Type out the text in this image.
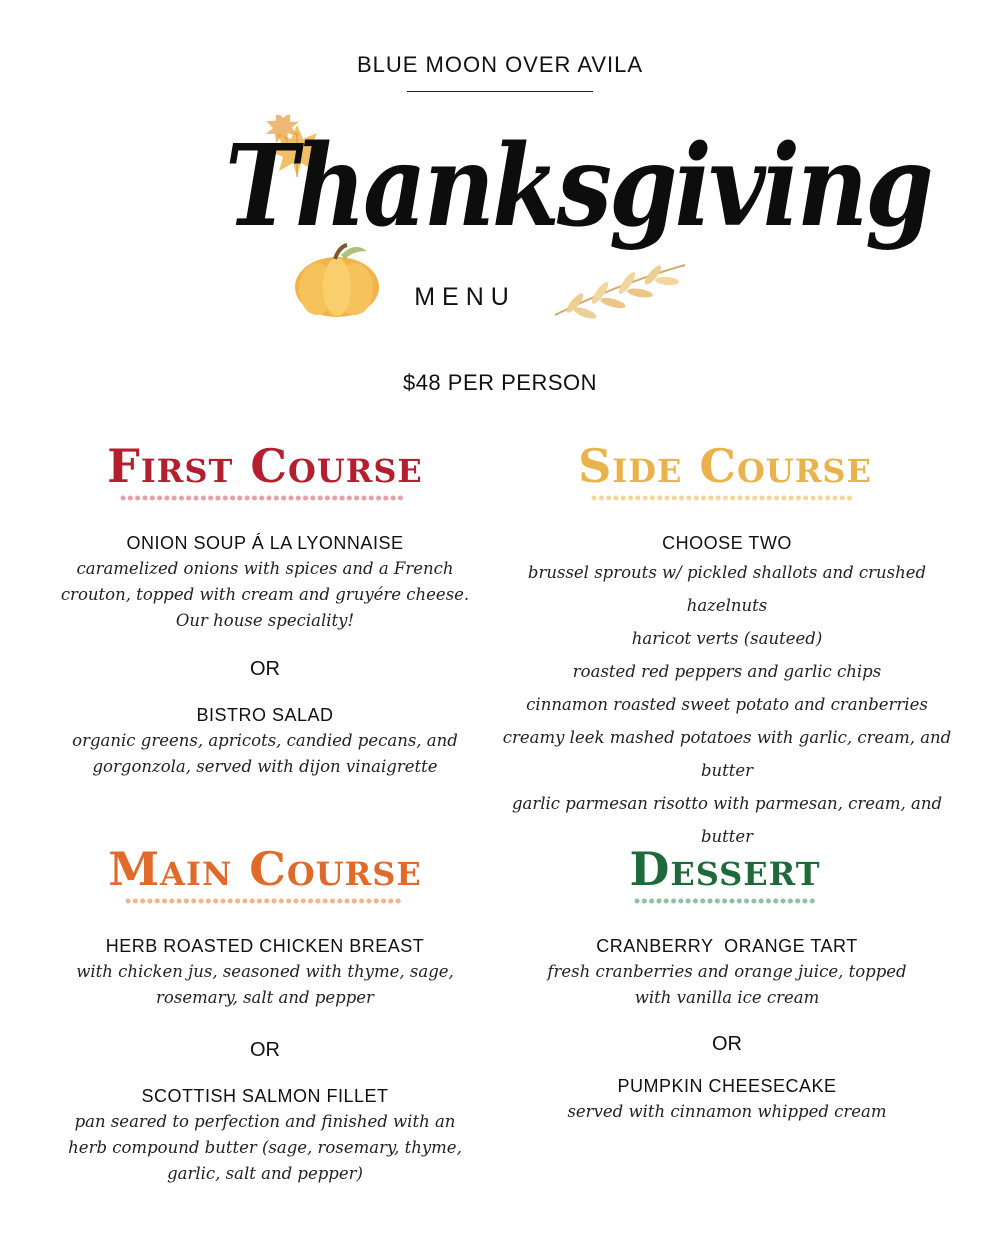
BLUE MOON OVER AVILA
Thanksgiving
MENU
$48 PER PERSON
First Course
ONION SOUP Á LA LYONNAISE
caramelized onions with spices and a French
crouton, topped with cream and gruyére cheese.
Our house speciality!
OR
BISTRO SALAD
organic greens, apricots, candied pecans, and
gorgonzola, served with dijon vinaigrette
Side Course
CHOOSE TWO
brussel sprouts w/ pickled shallots and crushed hazelnuts
haricot verts (sauteed)
roasted red peppers and garlic chips
cinnamon roasted sweet potato and cranberries
creamy leek mashed potatoes with garlic, cream, and butter
garlic parmesan risotto with parmesan, cream, and butter
Main Course
HERB ROASTED CHICKEN BREAST
with chicken jus, seasoned with thyme, sage,
rosemary, salt and pepper
OR
SCOTTISH SALMON FILLET
pan seared to perfection and finished with an
herb compound butter (sage, rosemary, thyme,
garlic, salt and pepper)
Dessert
CRANBERRY  ORANGE TART
fresh cranberries and orange juice, topped
with vanilla ice cream
OR
PUMPKIN CHEESECAKE
served with cinnamon whipped cream
